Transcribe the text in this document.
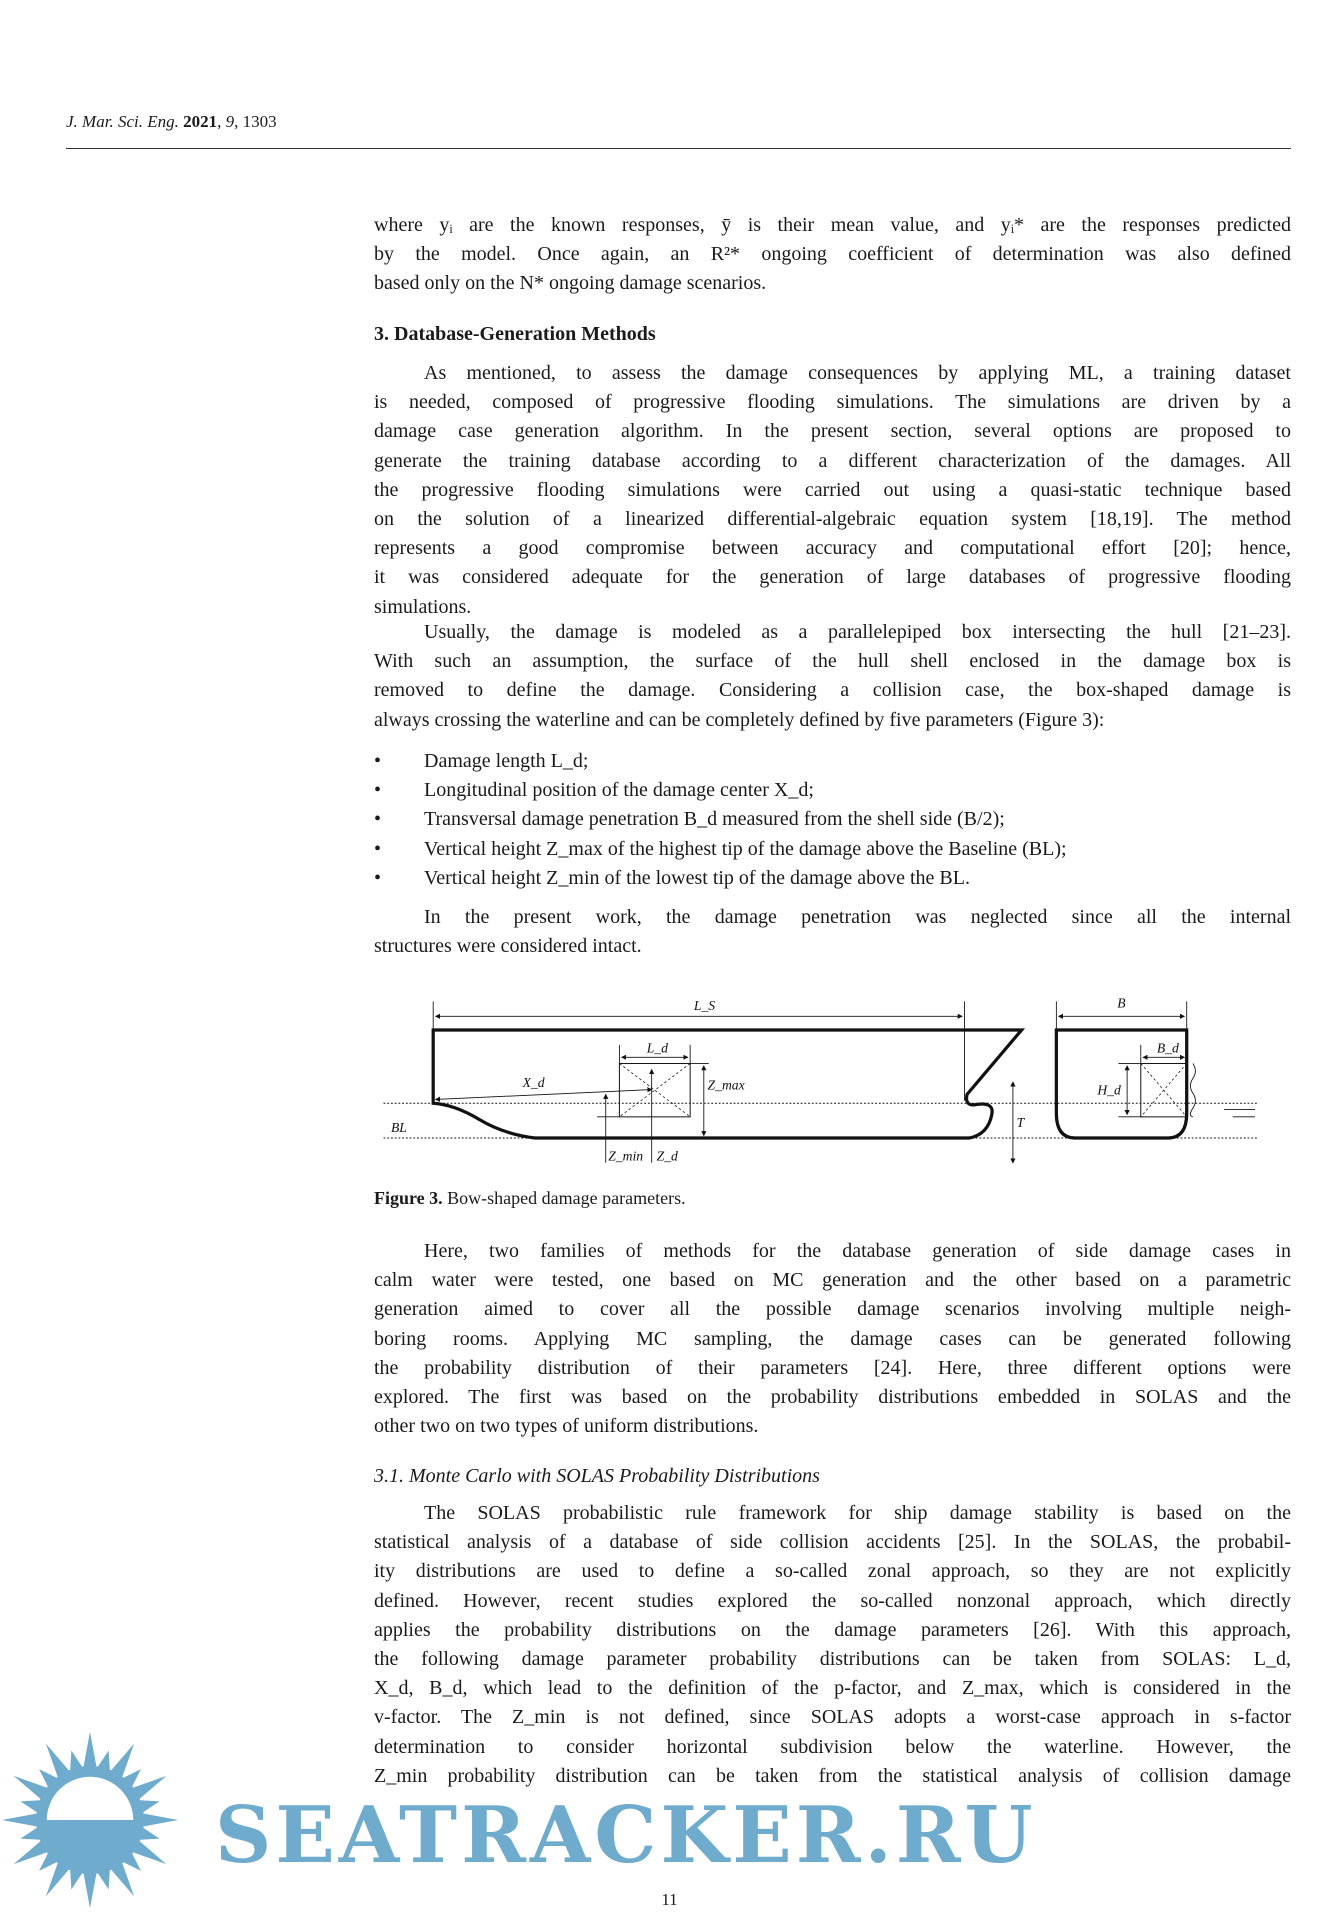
J. Mar. Sci. Eng. 2021, 9, 1303
where yᵢ are the known responses, ȳ is their mean value, and yᵢ* are the responses predicted
by the model. Once again, an R²* ongoing coefficient of determination was also defined
based only on the N* ongoing damage scenarios.
3. Database-Generation Methods
As mentioned, to assess the damage consequences by applying ML, a training dataset
is needed, composed of progressive flooding simulations. The simulations are driven by a
damage case generation algorithm. In the present section, several options are proposed to
generate the training database according to a different characterization of the damages. All
the progressive flooding simulations were carried out using a quasi-static technique based
on the solution of a linearized differential-algebraic equation system [18,19]. The method
represents a good compromise between accuracy and computational effort [20]; hence,
it was considered adequate for the generation of large databases of progressive flooding
simulations.
Usually, the damage is modeled as a parallelepiped box intersecting the hull [21–23].
With such an assumption, the surface of the hull shell enclosed in the damage box is
removed to define the damage. Considering a collision case, the box-shaped damage is
always crossing the waterline and can be completely defined by five parameters (Figure 3):
•	Damage length L_d;
•	Longitudinal position of the damage center X_d;
•	Transversal damage penetration B_d measured from the shell side (B/2);
•	Vertical height Z_max of the highest tip of the damage above the Baseline (BL);
•	Vertical height Z_min of the lowest tip of the damage above the BL.
In the present work, the damage penetration was neglected since all the internal
structures were considered intact.
L_S	B
L_d	B_d
X_d	Z_max	H_d
BL	T
Z_min Z_d
Figure 3. Bow-shaped damage parameters.
Here, two families of methods for the database generation of side damage cases in
calm water were tested, one based on MC generation and the other based on a parametric
generation aimed to cover all the possible damage scenarios involving multiple neigh-
boring rooms. Applying MC sampling, the damage cases can be generated following
the probability distribution of their parameters [24]. Here, three different options were
explored. The first was based on the probability distributions embedded in SOLAS and the
other two on two types of uniform distributions.
3.1. Monte Carlo with SOLAS Probability Distributions
The SOLAS probabilistic rule framework for ship damage stability is based on the
statistical analysis of a database of side collision accidents [25]. In the SOLAS, the probabil-
ity distributions are used to define a so-called zonal approach, so they are not explicitly
defined. However, recent studies explored the so-called nonzonal approach, which directly
applies the probability distributions on the damage parameters [26]. With this approach,
the following damage parameter probability distributions can be taken from SOLAS: L_d,
X_d, B_d, which lead to the definition of the p-factor, and Z_max, which is considered in the
v-factor. The Z_min is not defined, since SOLAS adopts a worst-case approach in s-factor
determination to consider horizontal subdivision below the waterline. However, the
Z_min probability distribution can be taken from the statistical analysis of collision damage
SEATRACKER.RU
11
